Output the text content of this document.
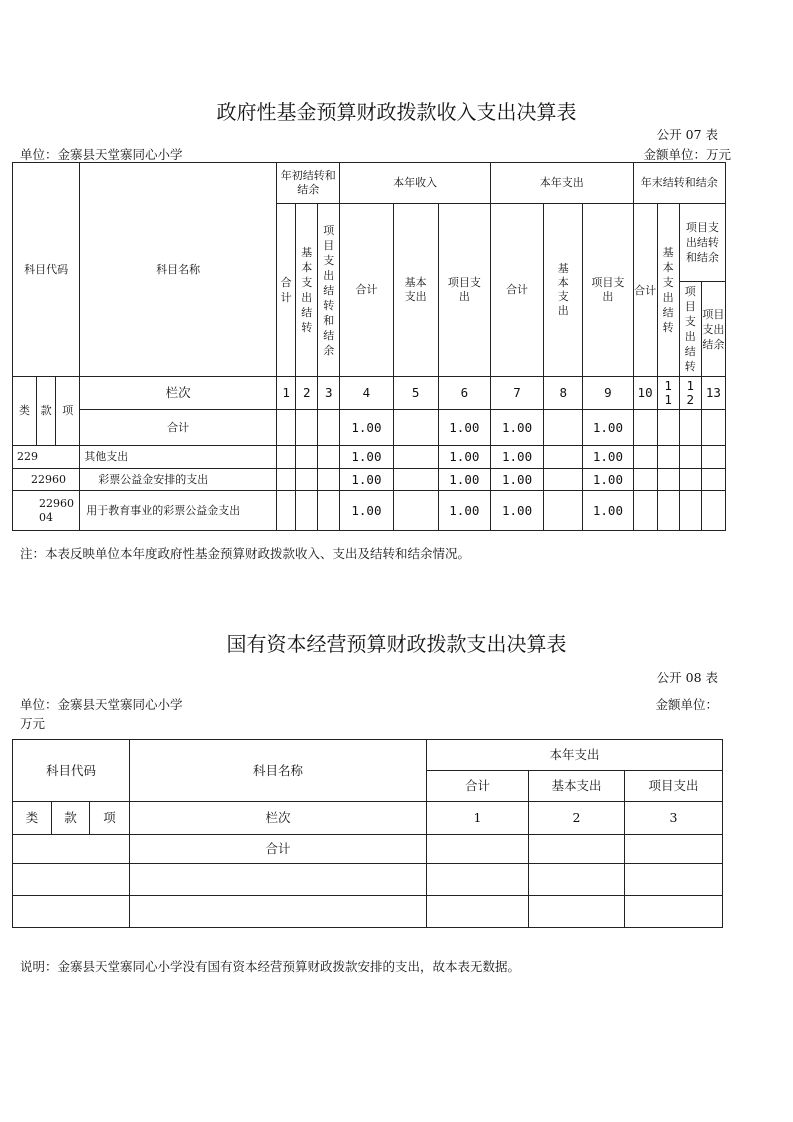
政府性基金预算财政拨款收入支出决算表
公开 07 表
单位：金寨县天堂寨同心小学	金额单位：万元
科目代码			科目名称	年初结转和结余			本年收入			本年支出			年末结转和结余			
				合计	基本支出结转	项目支出结转和结余	合计	基本支出	项目支出	合计	基本支出	项目支出	合计	基本支出结转	项目支出结转和结余	
															项目支出结转	项目支出结余
类	款	项	栏次	1	2	3	4	5	6	7	8	9	10	11	12	13
			合计				1.00		1.00	1.00		1.00				
229			其他支出				1.00		1.00	1.00		1.00				
22960			彩票公益金安排的支出				1.00		1.00	1.00		1.00				
2296004			用于教育事业的彩票公益金支出				1.00		1.00	1.00		1.00				
注：本表反映单位本年度政府性基金预算财政拨款收入、支出及结转和结余情况。
国有资本经营预算财政拨款支出决算表
公开 08 表
单位：金寨县天堂寨同心小学	金额单位：
万元
科目代码			科目名称	本年支出		
				合计	基本支出	项目支出
类	款	项	栏次	1	2	3
			合计			

说明：金寨县天堂寨同心小学没有国有资本经营预算财政拨款安排的支出，故本表无数据。
